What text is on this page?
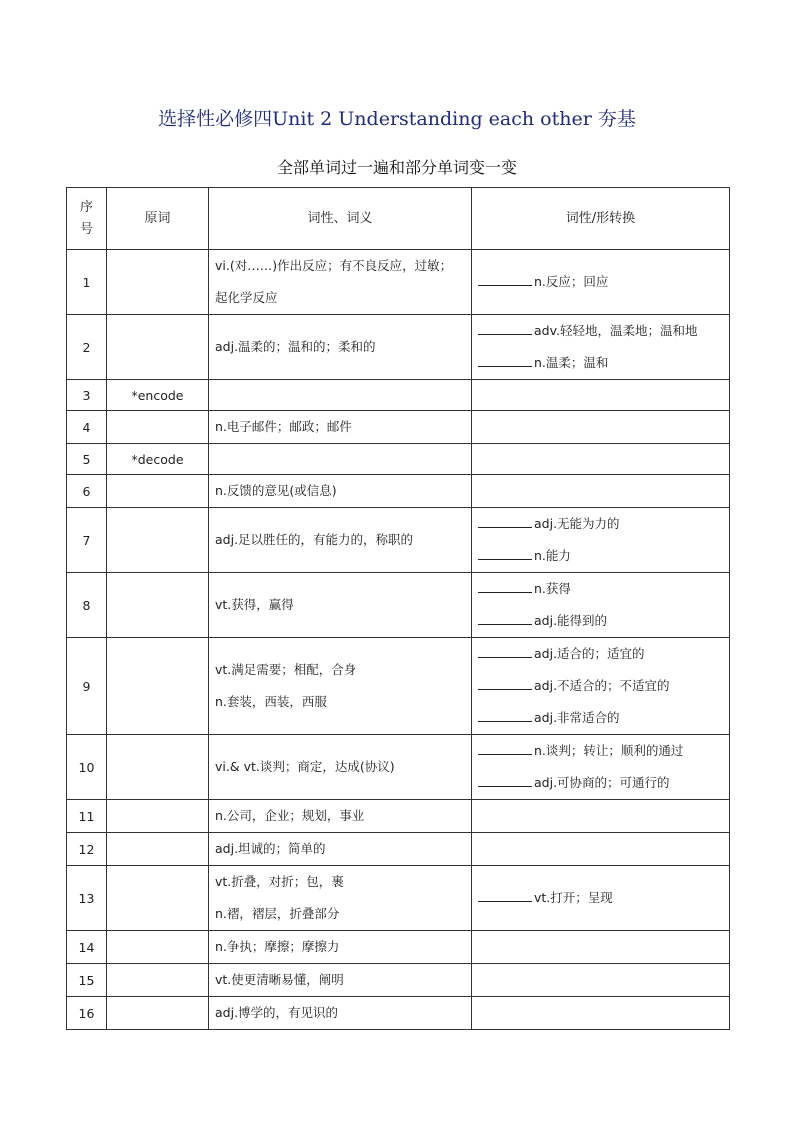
选择性必修四Unit 2 Understanding each other 夯基
全部单词过一遍和部分单词变一变
序
号	原词	词性、词义	词性/形转换
1		vi.(对……)作出反应；有不良反应，过敏；
起化学反应	n.反应；回应

2		adj.温柔的；温和的；柔和的	adv.轻轻地，温柔地；温和地
n.温柔；温和

3	*encode		
4		n.电子邮件；邮政；邮件	

5	*decode		
6		n.反馈的意见(或信息)	

7		adj.足以胜任的，有能力的，称职的	adj.无能为力的
n.能力

8		vt.获得，赢得	n.获得
adj.能得到的

9		vt.满足需要；相配，合身
n.套装，西装，西服	adj.适合的；适宜的
adj.不适合的；不适宜的
adj.非常适合的

10		vi.& vt.谈判；商定，达成(协议)	n.谈判；转让；顺利的通过
adj.可协商的；可通行的

11		n.公司，企业；规划，事业	

12		adj.坦诚的；简单的	

13		vt.折叠，对折；包，裹
n.褶，褶层，折叠部分	vt.打开；呈现

14		n.争执；摩擦；摩擦力	

15		vt.使更清晰易懂，阐明	

16		adj.博学的，有见识的	
